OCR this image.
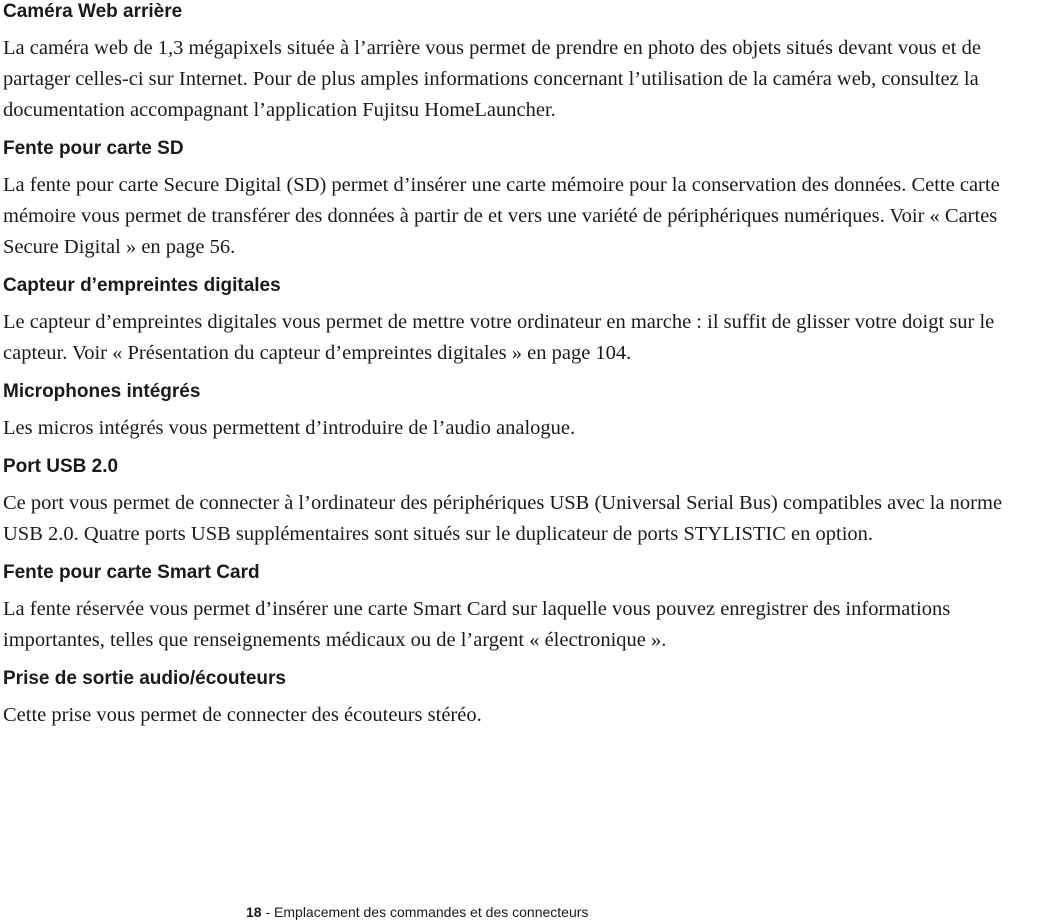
Caméra Web arrière

La caméra web de 1,3 mégapixels située à l’arrière vous permet de prendre en photo des objets situés devant vous et de partager celles-ci sur Internet. Pour de plus amples informations concernant l’utilisation de la caméra web, consultez la documentation accompagnant l’application Fujitsu HomeLauncher.

Fente pour carte SD

La fente pour carte Secure Digital (SD) permet d’insérer une carte mémoire pour la conservation des données. Cette carte mémoire vous permet de transférer des données à partir de et vers une variété de périphériques numériques. Voir « Cartes Secure Digital » en page 56.

Capteur d’empreintes digitales

Le capteur d’empreintes digitales vous permet de mettre votre ordinateur en marche : il suffit de glisser votre doigt sur le capteur. Voir « Présentation du capteur d’empreintes digitales » en page 104.

Microphones intégrés

Les micros intégrés vous permettent d’introduire de l’audio analogue.

Port USB 2.0

Ce port vous permet de connecter à l’ordinateur des périphériques USB (Universal Serial Bus) compatibles avec la norme USB 2.0. Quatre ports USB supplémentaires sont situés sur le duplicateur de ports STYLISTIC en option.

Fente pour carte Smart Card

La fente réservée vous permet d’insérer une carte Smart Card sur laquelle vous pouvez enregistrer des informations importantes, telles que renseignements médicaux ou de l’argent « électronique ».

Prise de sortie audio/écouteurs

Cette prise vous permet de connecter des écouteurs stéréo.

18 - Emplacement des commandes et des connecteurs
